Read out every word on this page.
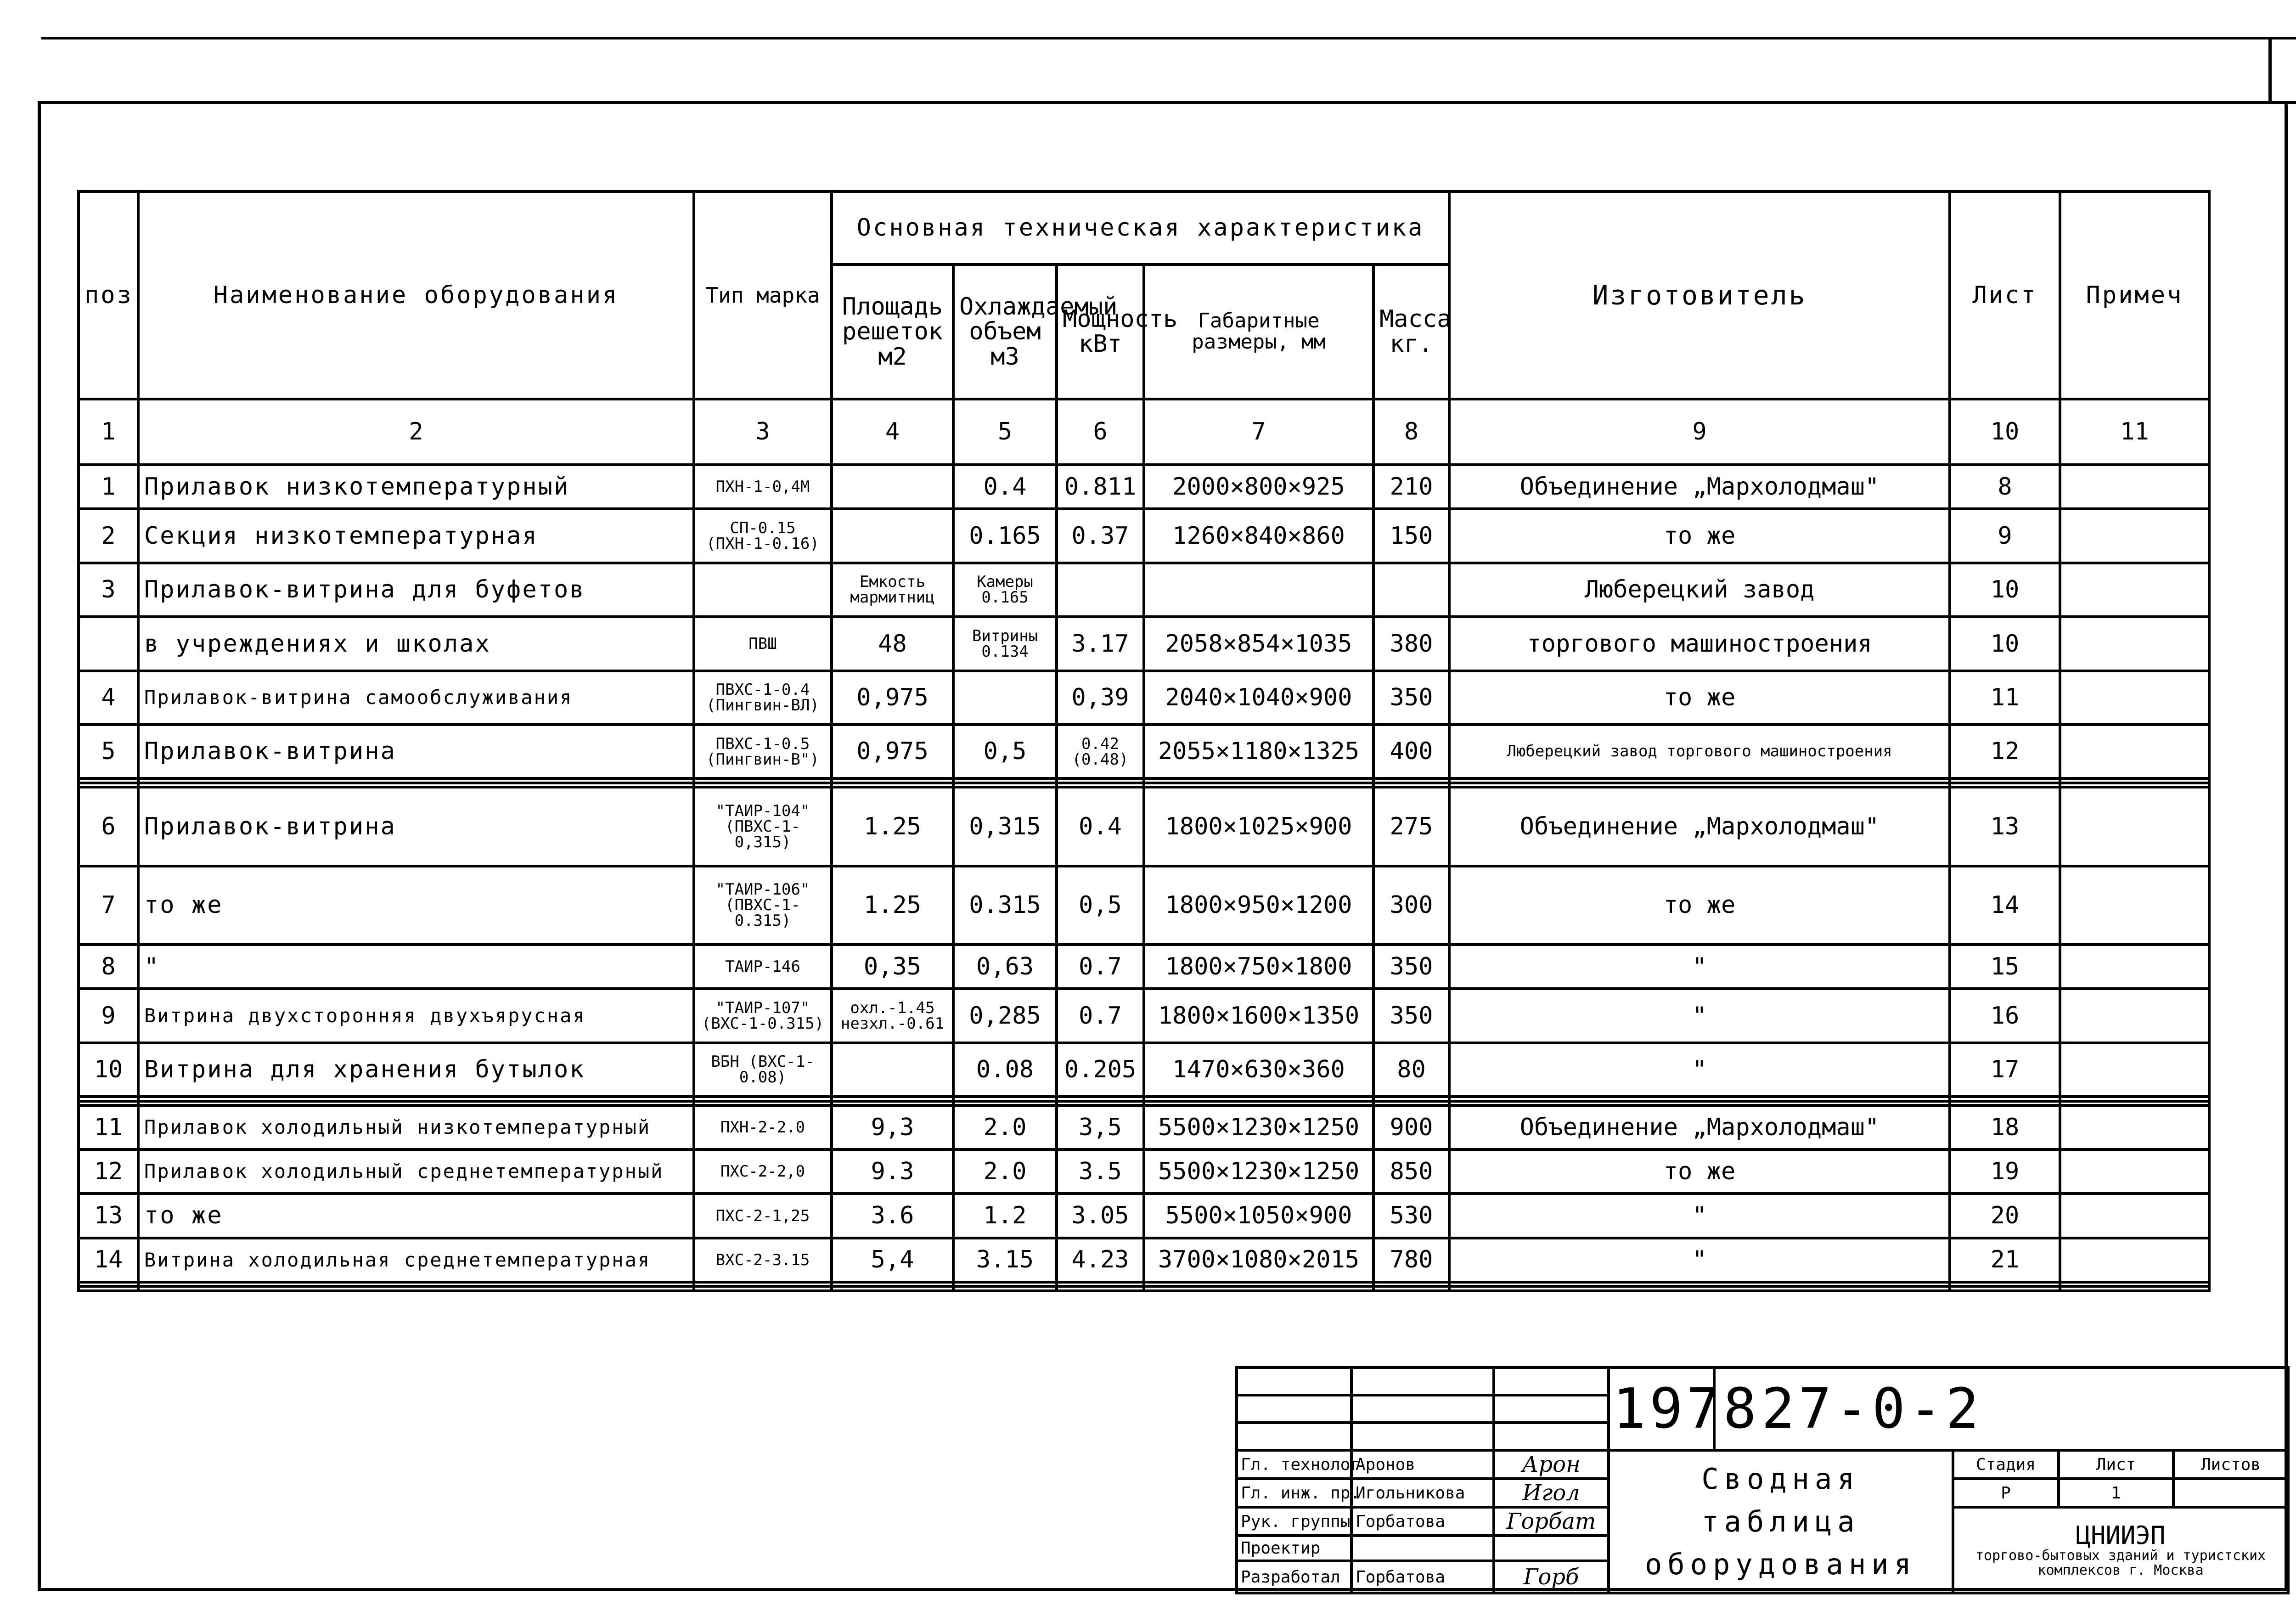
поз	Наименование оборудования	Тип марка	Основная техническая характеристика					Изготовитель	Лист	Примеч
			Площадь решеток м2	Охлаждаемый объем м3	Мощность кВт	Габаритные размеры, мм	Масса кг.			
1	2	3	4	5	6	7	8	9	10	11
1	Прилавок низкотемпературный	ПХН-1-0,4М		0.4	0.811	2000×800×925	210	Объединение „Мархолодмаш"	8	
2	Секция низкотемпературная	СП-0.15 (ПХН-1-0.16)		0.165	0.37	1260×840×860	150	то же	9	
3	Прилавок-витрина для буфетов		Емкость мармитниц	Камеры 0.165				Люберецкий завод	10	
	в учреждениях и школах	ПВШ	48	Витрины 0.134	3.17	2058×854×1035	380	торгового машиностроения	10	
4	Прилавок-витрина самообслуживания	ПВХС-1-0.4 (Пингвин-ВЛ)	0,975		0,39	2040×1040×900	350	то же	11	
5	Прилавок-витрина	ПВХС-1-0.5 (Пингвин-В")	0,975	0,5	0.42 (0.48)	2055×1180×1325	400	Люберецкий завод торгового машиностроения	12	

6	Прилавок-витрина	"ТАИР-104" (ПВХС-1-0,315)	1.25	0,315	0.4	1800×1025×900	275	Объединение „Мархолодмаш"	13	
7	то же	"ТАИР-106" (ПВХС-1-0.315)	1.25	0.315	0,5	1800×950×1200	300	то же	14	
8	"	ТАИР-146	0,35	0,63	0.7	1800×750×1800	350	"	15	
9	Витрина двухсторонняя двухъярусная	"ТАИР-107" (ВХС-1-0.315)	охл.-1.45 незхл.-0.61	0,285	0.7	1800×1600×1350	350	"	16	
10	Витрина для хранения бутылок	ВБН (ВХС-1-0.08)		0.08	0.205	1470×630×360	80	"	17	

11	Прилавок холодильный низкотемпературный	ПХН-2-2.0	9,3	2.0	3,5	5500×1230×1250	900	Объединение „Мархолодмаш"	18	
12	Прилавок холодильный среднетемпературный	ПХС-2-2,0	9.3	2.0	3.5	5500×1230×1250	850	то же	19	
13	то же	ПХС-2-1,25	3.6	1.2	3.05	5500×1050×900	530	"	20	
14	Витрина холодильная среднетемпературная	ВХС-2-3.15	5,4	3.15	4.23	3700×1080×2015	780	"	21	

			1978	27-0-2			

Гл. технолог	Аронов	Арон	Сводная таблица оборудования		Стадия	Лист	Листов
Гл. инж. пр.	Игольникова	Игол			Р	1	
Рук. группы	Горбатова	Горбат			ЦНИИЭП
торгово-бытовых зданий и туристских комплексов г. Москва		

Проектир							
Разработал	Горбатова	Горб					
